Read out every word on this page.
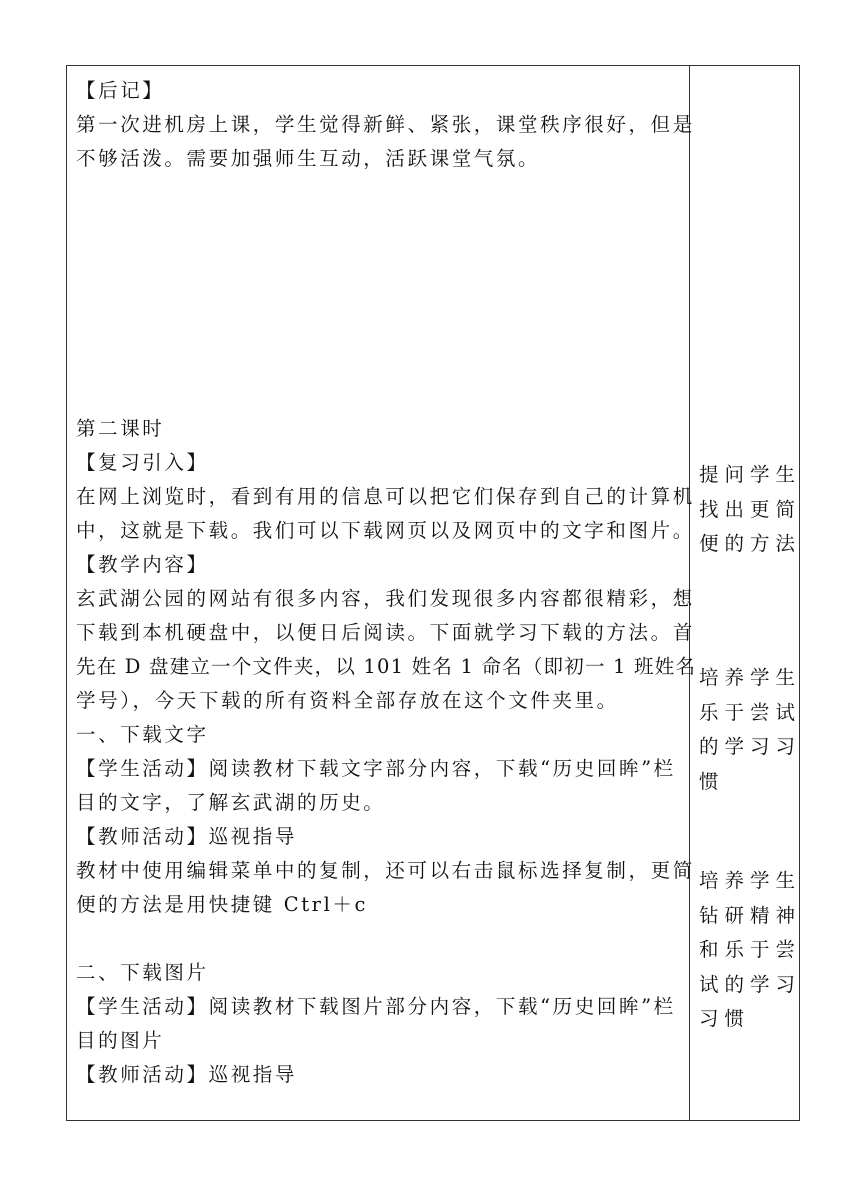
【后记】
第一次进机房上课，学生觉得新鲜、紧张，课堂秩序很好，但是
不够活泼。需要加强师生互动，活跃课堂气氛。
第二课时
【复习引入】
在网上浏览时，看到有用的信息可以把它们保存到自己的计算机
中，这就是下载。我们可以下载网页以及网页中的文字和图片。
【教学内容】
玄武湖公园的网站有很多内容，我们发现很多内容都很精彩，想
下载到本机硬盘中，以便日后阅读。下面就学习下载的方法。首
先在 D 盘建立一个文件夹，以 101 姓名 1 命名（即初一 1 班姓名
学号），今天下载的所有资料全部存放在这个文件夹里。
一、下载文字
【学生活动】阅读教材下载文字部分内容，下载“历史回眸”栏
目的文字，了解玄武湖的历史。
【教师活动】巡视指导
教材中使用编辑菜单中的复制，还可以右击鼠标选择复制，更简
便的方法是用快捷键 Ctrl＋c
二、下载图片
【学生活动】阅读教材下载图片部分内容，下载“历史回眸”栏
目的图片
【教师活动】巡视指导
提问学生
找出更简
便的方法
培养学生
乐于尝试
的学习习
惯
培养学生
钻研精神
和乐于尝
试的学习
习惯
